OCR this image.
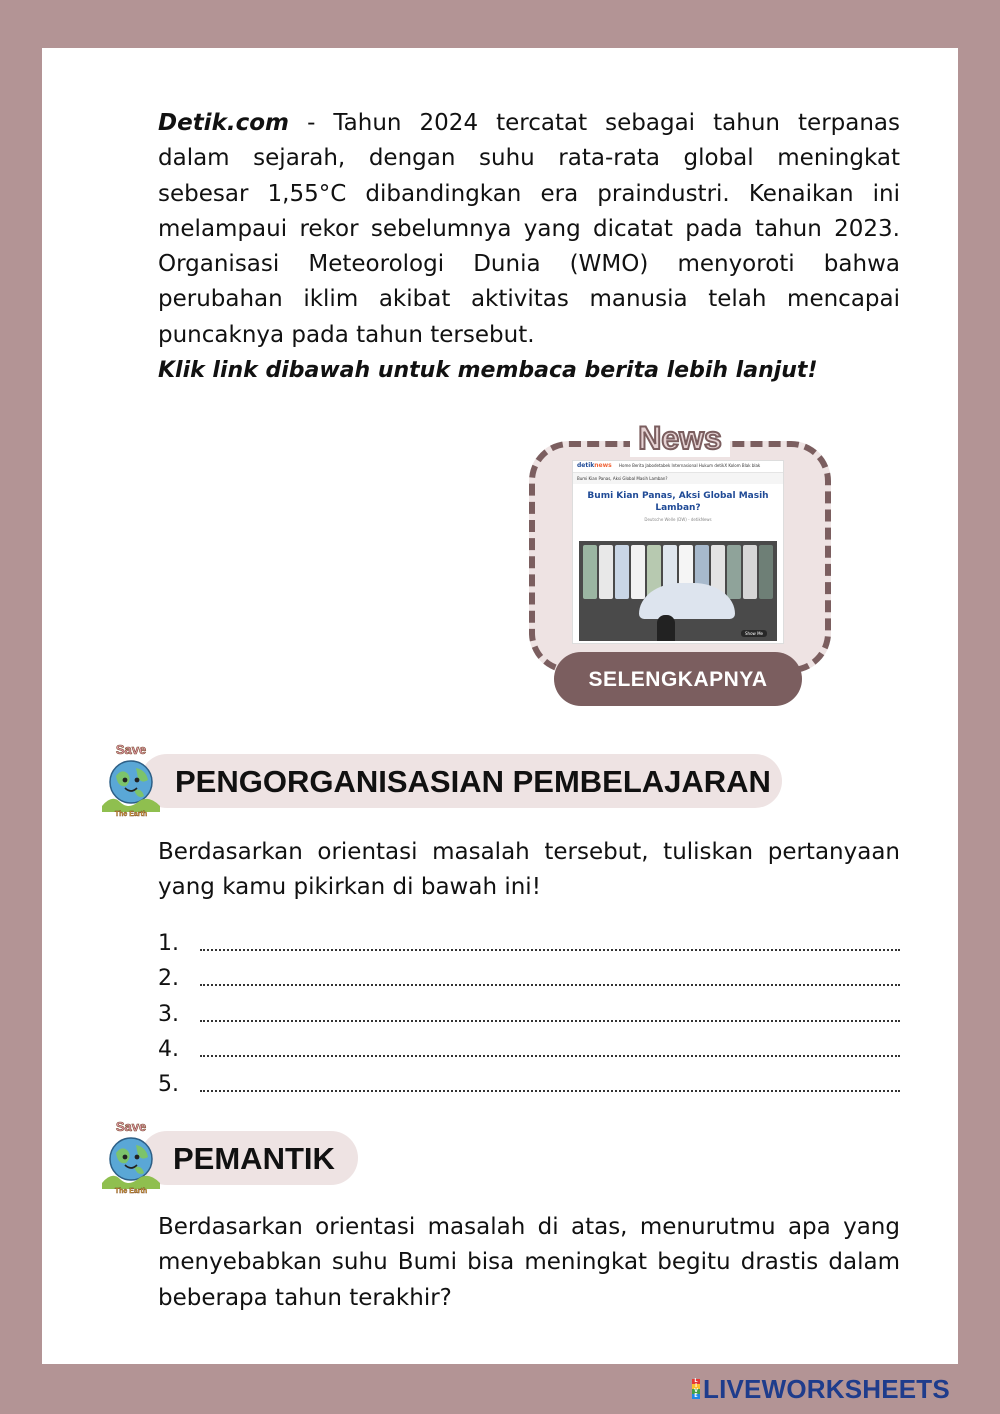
Detik.com - Tahun 2024 tercatat sebagai tahun terpanas dalam sejarah, dengan suhu rata-rata global meningkat sebesar 1,55°C dibandingkan era praindustri. Kenaikan ini melampaui rekor sebelumnya yang dicatat pada tahun 2023. Organisasi Meteorologi Dunia (WMO) menyoroti bahwa perubahan iklim akibat aktivitas manusia telah mencapai puncaknya pada tahun tersebut.

Klik link dibawah untuk membaca berita lebih lanjut!

News
detiknews Home Berita Jabodetabek Internasional Hukum detikX Kolom Blak blak
Bumi Kian Panas, Aksi Global Masih Lamban?
Bumi Kian Panas, Aksi Global Masih Lamban?
Deutsche Welle (DW) - detikNews
Show Me
SELENGKAPNYA
Save
The Earth
PENGORGANISASIAN PEMBELAJARAN

Berdasarkan orientasi masalah tersebut, tuliskan pertanyaan yang kamu pikirkan di bawah ini!

1.
2.
3.
4.
5.
Save
The Earth
PEMANTIK

Berdasarkan orientasi masalah di atas, menurutmu apa yang menyebabkan suhu Bumi bisa meningkat begitu drastis dalam beberapa tahun terakhir?

L
I
V
E LIVEWORKSHEETS
